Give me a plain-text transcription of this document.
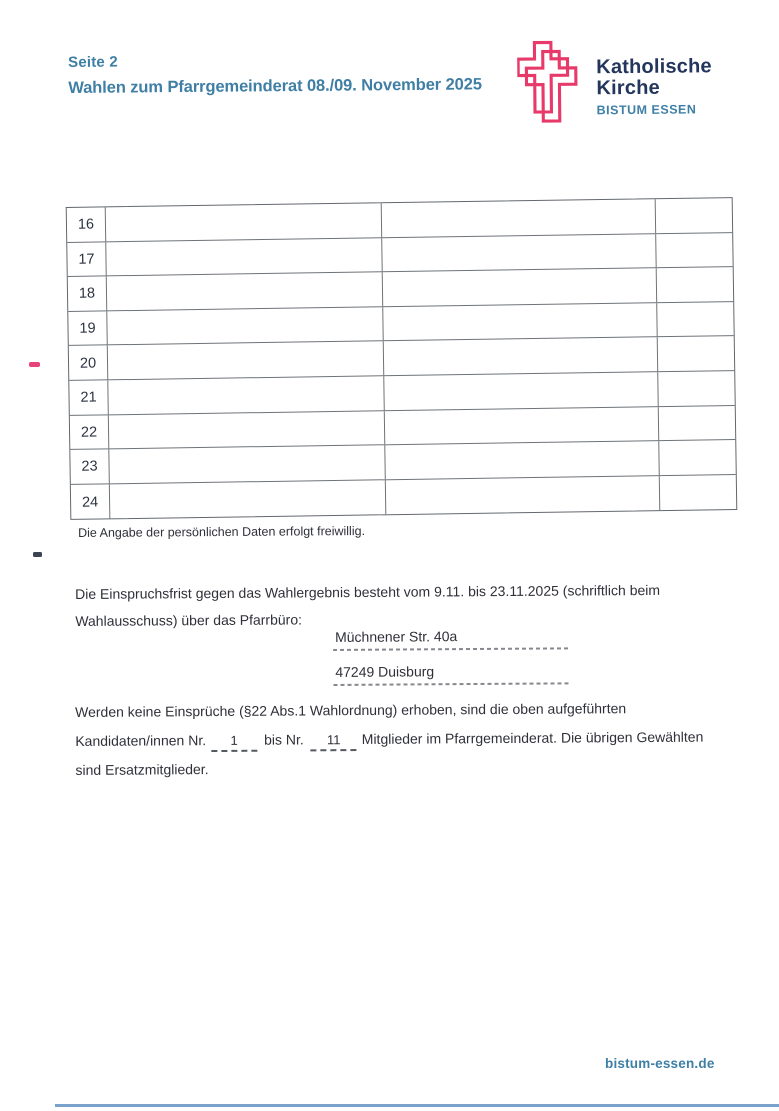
Seite 2
Wahlen zum Pfarrgemeinderat 08./09. November 2025
Katholische
Kirche
BISTUM ESSEN
16
17
18
19
20
21
22
23
24
Die Angabe der persönlichen Daten erfolgt freiwillig.
Die Einspruchsfrist gegen das Wahlergebnis besteht vom 9.11. bis 23.11.2025 (schriftlich beim
Wahlausschuss) über das Pfarrbüro:
Müchnener Str. 40a
47249 Duisburg
Werden keine Einsprüche (§22 Abs.1 Wahlordnung) erhoben, sind die oben aufgeführten
Kandidaten/innen Nr. 1 bis Nr. 11 Mitglieder im Pfarrgemeinderat. Die übrigen Gewählten
sind Ersatzmitglieder.
bistum-essen.de
